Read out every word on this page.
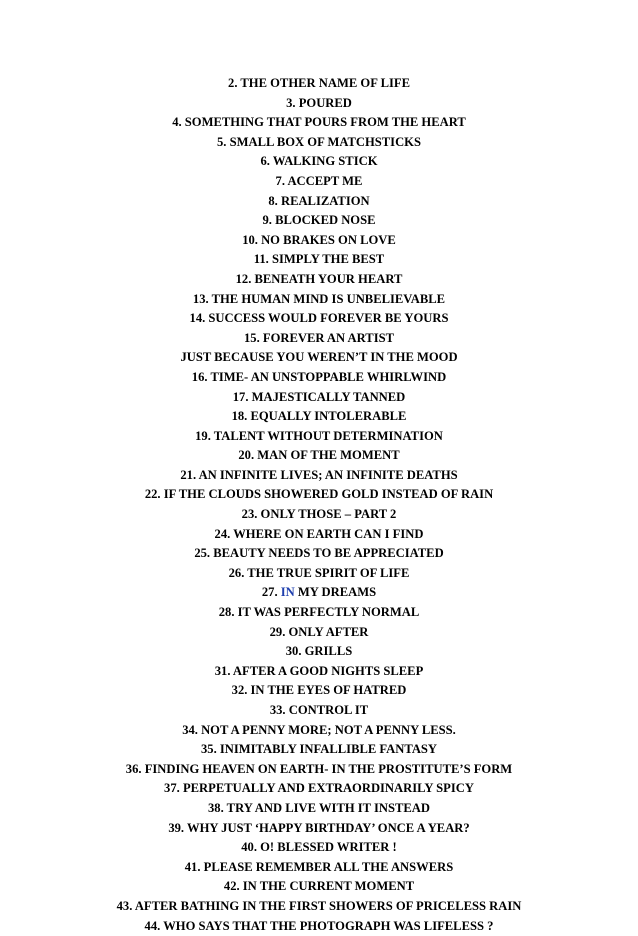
2. THE OTHER NAME OF LIFE
3. POURED
4. SOMETHING THAT POURS FROM THE HEART
5. SMALL BOX OF MATCHSTICKS
6. WALKING STICK
7. ACCEPT ME
8. REALIZATION
9. BLOCKED NOSE
10. NO BRAKES ON LOVE
11. SIMPLY THE BEST
12. BENEATH YOUR HEART
13. THE HUMAN MIND IS UNBELIEVABLE
14. SUCCESS WOULD FOREVER BE YOURS
15. FOREVER AN ARTIST
JUST BECAUSE YOU WEREN’T IN THE MOOD
16. TIME- AN UNSTOPPABLE WHIRLWIND
17. MAJESTICALLY TANNED
18. EQUALLY INTOLERABLE
19. TALENT WITHOUT DETERMINATION
20. MAN OF THE MOMENT
21. AN INFINITE LIVES; AN INFINITE DEATHS
22. IF THE CLOUDS SHOWERED GOLD INSTEAD OF RAIN
23. ONLY THOSE – PART 2
24. WHERE ON EARTH CAN I FIND
25. BEAUTY NEEDS TO BE APPRECIATED
26. THE TRUE SPIRIT OF LIFE
27. IN MY DREAMS
28. IT WAS PERFECTLY NORMAL
29. ONLY AFTER
30. GRILLS
31. AFTER A GOOD NIGHTS SLEEP
32. IN THE EYES OF HATRED
33. CONTROL IT
34. NOT A PENNY MORE; NOT A PENNY LESS.
35. INIMITABLY INFALLIBLE FANTASY
36. FINDING HEAVEN ON EARTH- IN THE PROSTITUTE’S FORM
37. PERPETUALLY AND EXTRAORDINARILY SPICY
38. TRY AND LIVE WITH IT INSTEAD
39. WHY JUST ‘HAPPY BIRTHDAY’ ONCE A YEAR?
40. O! BLESSED WRITER !
41. PLEASE REMEMBER ALL THE ANSWERS
42. IN THE CURRENT MOMENT
43. AFTER BATHING IN THE FIRST SHOWERS OF PRICELESS RAIN
44. WHO SAYS THAT THE PHOTOGRAPH WAS LIFELESS ?
